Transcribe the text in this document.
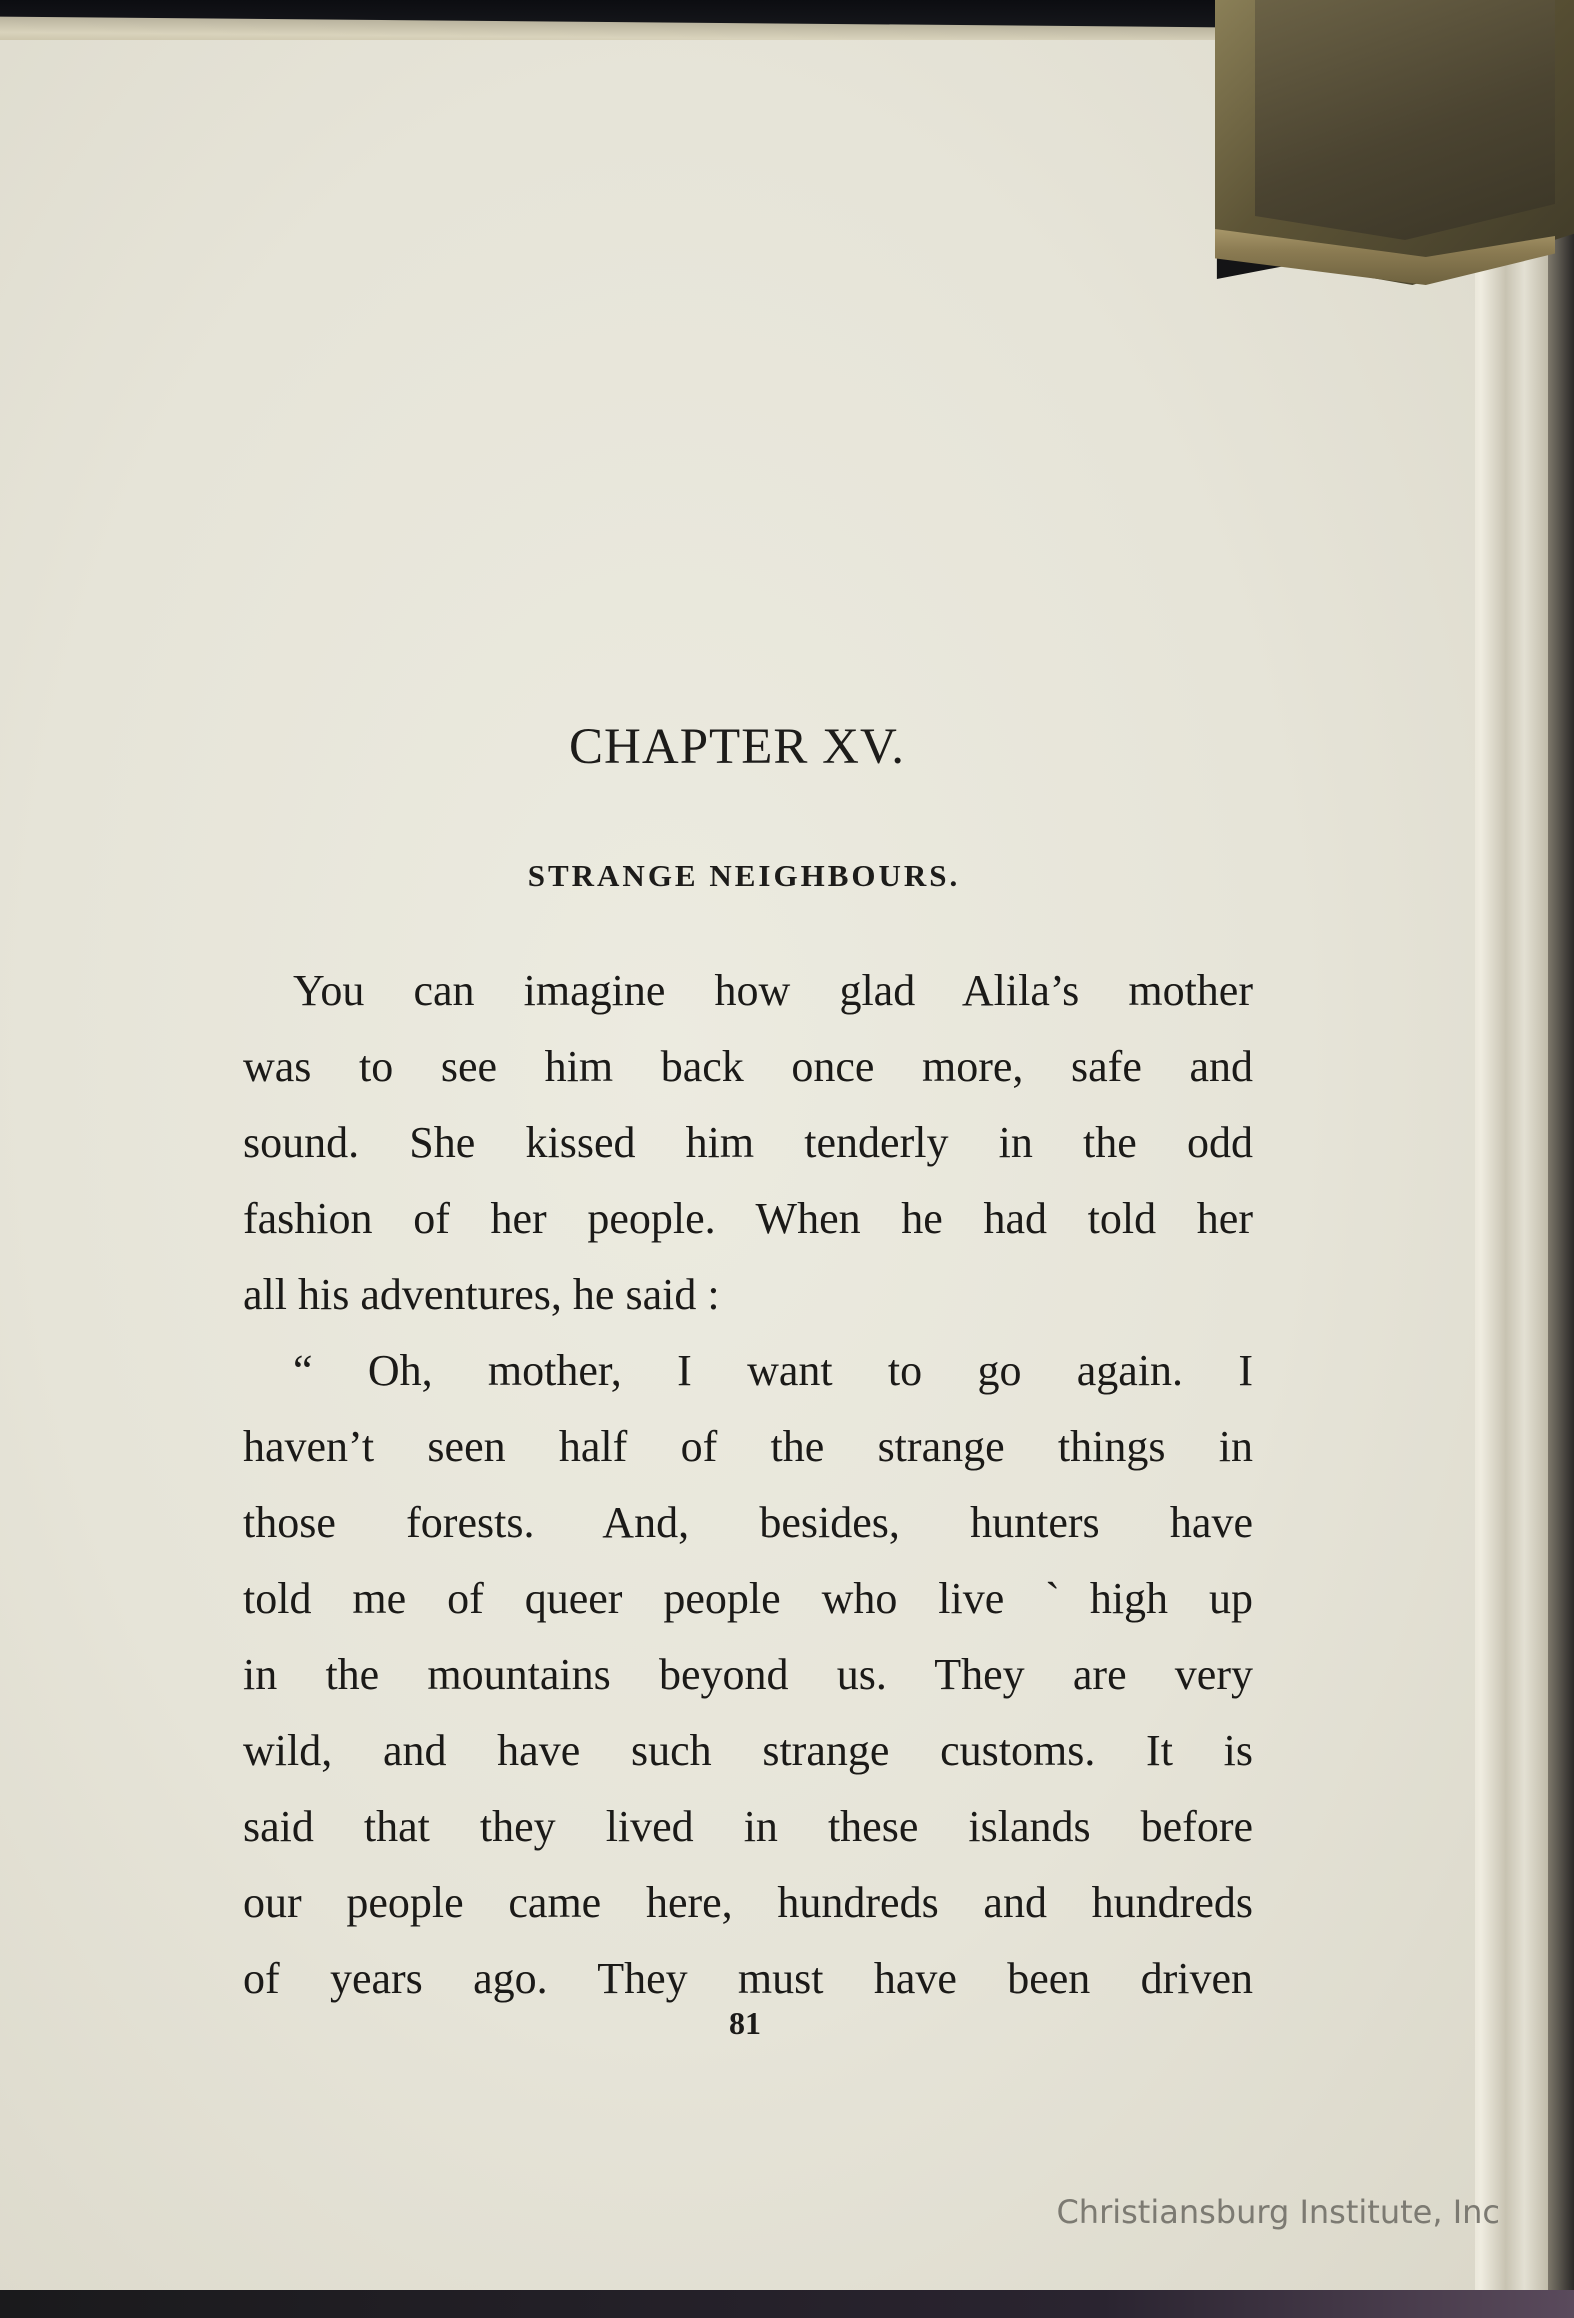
CHAPTER XV.
STRANGE NEIGHBOURS.
You can imagine how glad Alila’s mother
was to see him back once more, safe and
sound. She kissed him tenderly in the odd
fashion of her people. When he had told her
all his adventures, he said :
“ Oh, mother, I want to go again. I
haven’t seen half of the strange things in
those forests. And, besides, hunters have
told me of queer people who live ˋhigh up
in the mountains beyond us. They are very
wild, and have such strange customs. It is
said that they lived in these islands before
our people came here, hundreds and hundreds
of years ago. They must have been driven
81
Christiansburg Institute, Inc
